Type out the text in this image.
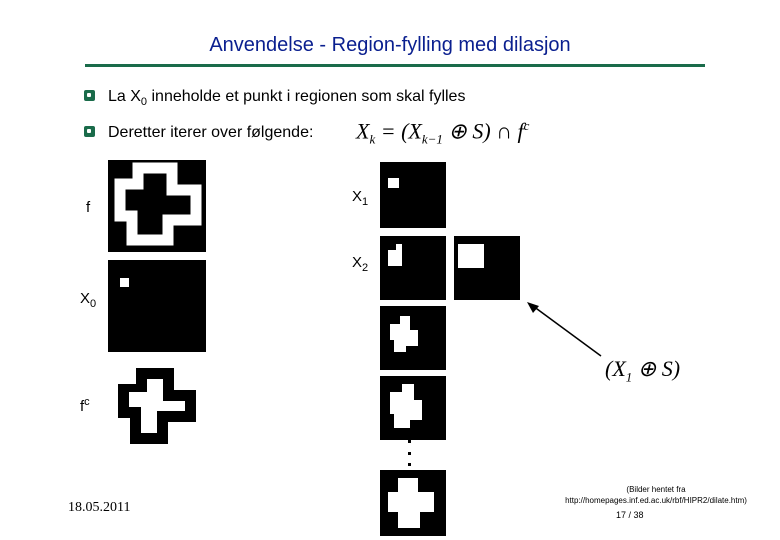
Anvendelse - Region-fylling med dilasjon
La $X_0$ inneholde et punkt i regionen som skal fylles
Deretter iterer over følgende: $X_k = (X_{k-1}$ ⊕ S) ∩ $f^c$
f
$X_0$
$f^c$
$X_1$
$X_2$
($X_1$ ⊕ S)
18.05.2011
(Bilder hentet fra
http://homepages.inf.ed.ac.uk/rbf/HIPR2/dilate.htm)
17 / 38
